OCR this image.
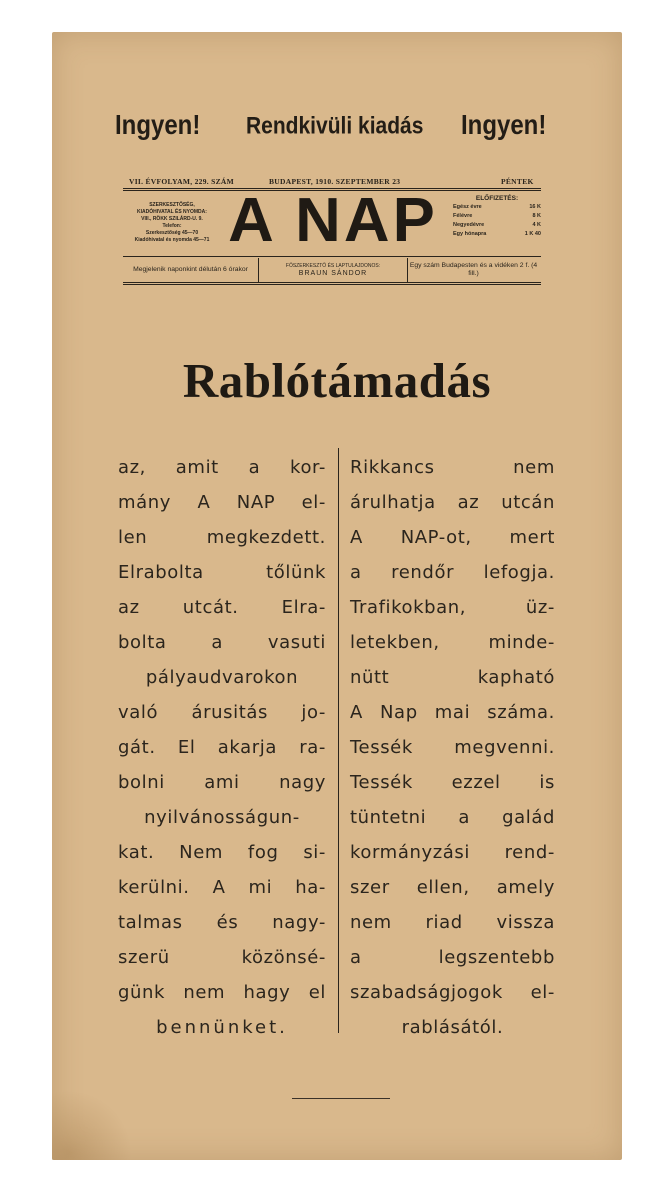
Ingyen! Rendkivüli kiadás Ingyen!
VII. ÉVFOLYAM, 229. SZÁM	BUDAPEST, 1910. SZEPTEMBER 23	PÉNTEK
SZERKESZTŐSÉG,
KIADÓHIVATAL ÉS NYOMDA:
VIII., RÖKK SZILÁRD-U. 9.
Telefon:
Szerkesztőség 45—70
Kiadóhivatal és nyomda 45—71 A NAP	ELŐFIZETÉS:
Egész évre	16 K
Félévre	8 K
Negyedévre	4 K
Egy hónapra	1 K 40
Megjelenik naponkint délután 6 órakor	FŐSZERKESZTŐ ÉS LAPTULAJDONOS:
BRAUN SÁNDOR
Egy szám Budapesten és a vidéken 2 f. (4 fill.)
Rablótámadás
az, amit a kor-
mány A NAP el-
len megkezdett.
Elrabolta tőlünk
az utcát. Elra-
bolta a vasuti
pályaudvarokon
való árusitás jo-
gát. El akarja ra-
bolni ami nagy
nyilvánosságun-
kat. Nem fog si-
kerülni. A mi ha-
talmas és nagy-
szerü közönsé-
günk nem hagy el
bennünket.
Rikkancs nem
árulhatja az utcán
A NAP-ot, mert
a rendőr lefogja.
Trafikokban, üz-
letekben, minde-
nütt kapható
A Nap mai száma.
Tessék megvenni.
Tessék ezzel is
tüntetni a galád
kormányzási rend-
szer ellen, amely
nem riad vissza
a legszentebb
szabadságjogok el-
rablásától.
